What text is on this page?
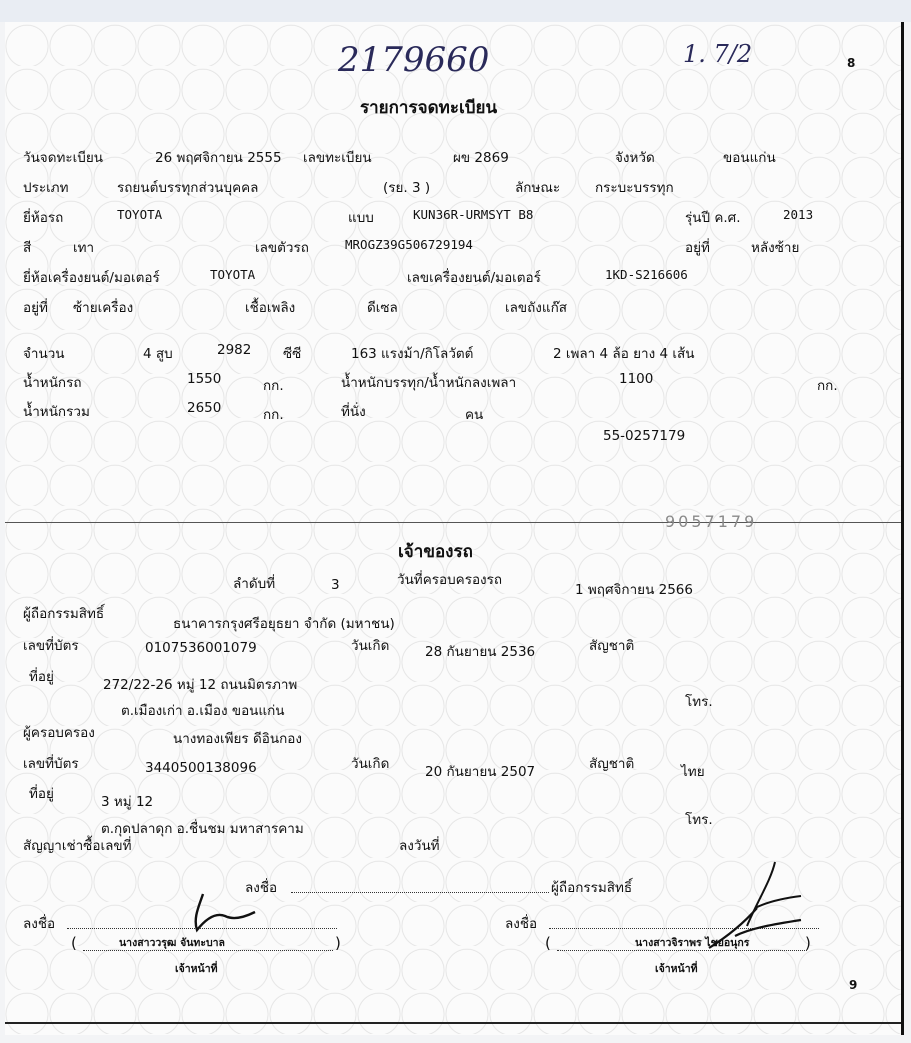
2179660	1. 7/2	8
รายการจดทะเบียน
วันจดทะเบียน	26 พฤศจิกายน 2555 เลขทะเบียน	ผข 2869	จังหวัด	ขอนแก่น
ประเภท	รถยนต์บรรทุกส่วนบุคคล	(รย. 3 )	ลักษณะ	กระบะบรรทุก
ยี่ห้อรถ	TOYOTA	แบบ	KUN36R-URMSYT B8	รุ่นปี ค.ศ.	2013
สี	เทา	เลขตัวรถ	MROGZ39G506729194	อยู่ที่	หลังซ้าย
ยี่ห้อเครื่องยนต์/มอเตอร์	TOYOTA	เลขเครื่องยนต์/มอเตอร์	1KD-S216606
อยู่ที่ ซ้ายเครื่อง	เชื้อเพลิง	ดีเซล	เลขถังแก๊ส
จำนวน	4 สูบ	2982 ซีซี	163 แรงม้า/กิโลวัตต์	2 เพลา 4 ล้อ ยาง 4 เส้น
น้ำหนักรถ	1550	กก.	น้ำหนักบรรทุก/น้ำหนักลงเพลา	1100	กก.
น้ำหนักรวม	2650	กก.	ที่นั่ง	คน
55-0257179
9057179
เจ้าของรถ
ลำดับที่	3	วันที่ครอบครองรถ
1 พฤศจิกายน 2566
ผู้ถือกรรมสิทธิ์
ธนาคารกรุงศรีอยุธยา จำกัด (มหาชน)
เลขที่บัตร	0107536001079	วันเกิด	28 กันยายน 2536	สัญชาติ
ที่อยู่	272/22-26 หมู่ 12 ถนนมิตรภาพ
ต.เมืองเก่า อ.เมือง ขอนแก่น
โทร.
ผู้ครอบครอง	นางทองเพียร ดีอินกอง
เลขที่บัตร	3440500138096	วันเกิด	20 กันยายน 2507	สัญชาติ	ไทย
ที่อยู่	3 หมู่ 12
ต.กุดปลาดุก อ.ชื่นชม มหาสารคาม
โทร.
สัญญาเช่าซื้อเลขที่	ลงวันที่
ลงชื่อ	ผู้ถือกรรมสิทธิ์
ลงชื่อ
(	นางสาววรุฒ จันทะบาล	)
เจ้าหน้าที่
ลงชื่อ
(	นางสาวจิราพร ไชยอนุกร	)
เจ้าหน้าที่
9
